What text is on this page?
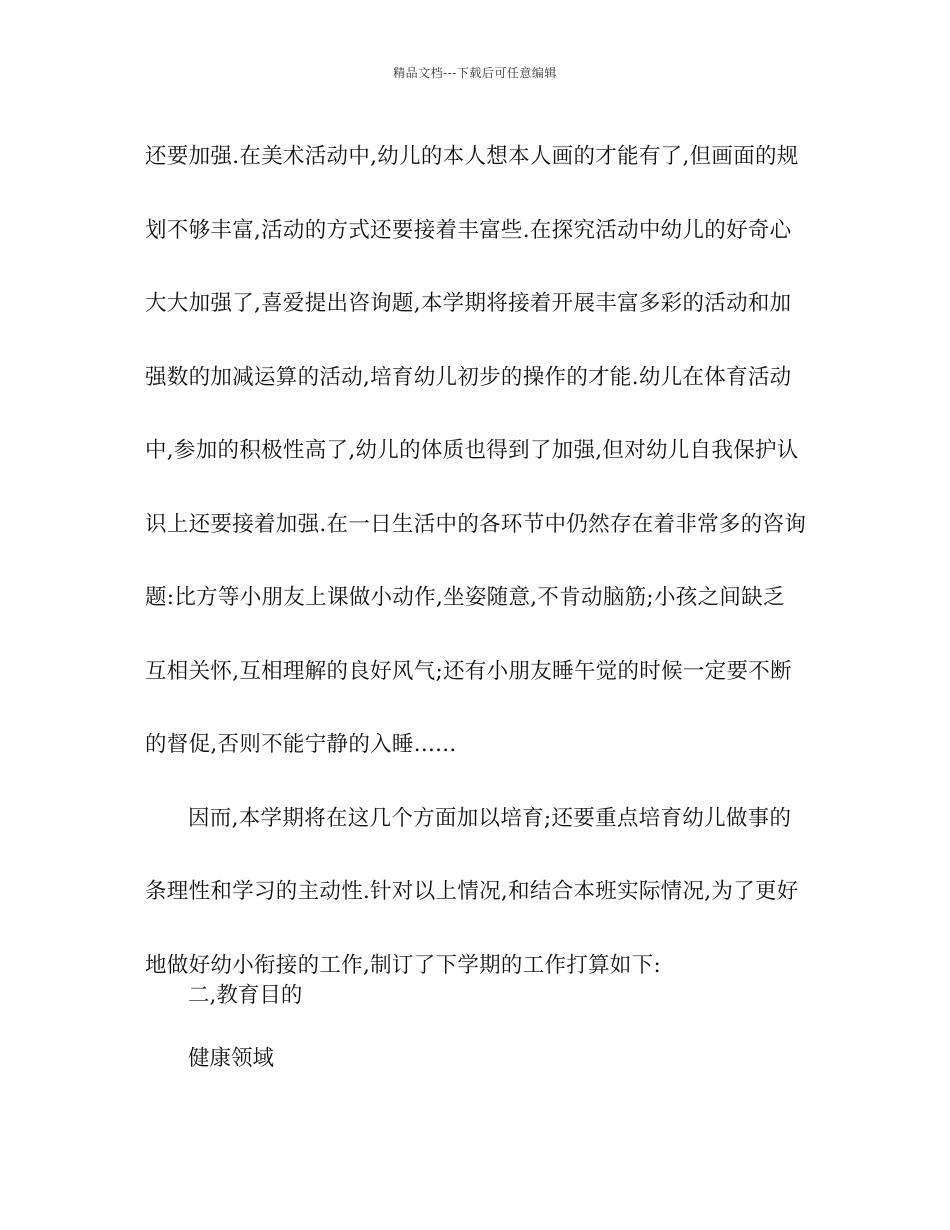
精品文档---下载后可任意编辑
还要加强.在美术活动中,幼儿的本人想本人画的才能有了,但画面的规
划不够丰富,活动的方式还要接着丰富些.在探究活动中幼儿的好奇心
大大加强了,喜爱提出咨询题,本学期将接着开展丰富多彩的活动和加
强数的加减运算的活动,培育幼儿初步的操作的才能.幼儿在体育活动
中,参加的积极性高了,幼儿的体质也得到了加强,但对幼儿自我保护认
识上还要接着加强.在一日生活中的各环节中仍然存在着非常多的咨询
题:比方等小朋友上课做小动作,坐姿随意,不肯动脑筋;小孩之间缺乏
互相关怀,互相理解的良好风气;还有小朋友睡午觉的时候一定要不断
的督促,否则不能宁静的入睡......
因而,本学期将在这几个方面加以培育;还要重点培育幼儿做事的
条理性和学习的主动性.针对以上情况,和结合本班实际情况,为了更好
地做好幼小衔接的工作,制订了下学期的工作打算如下:
二,教育目的
健康领域
